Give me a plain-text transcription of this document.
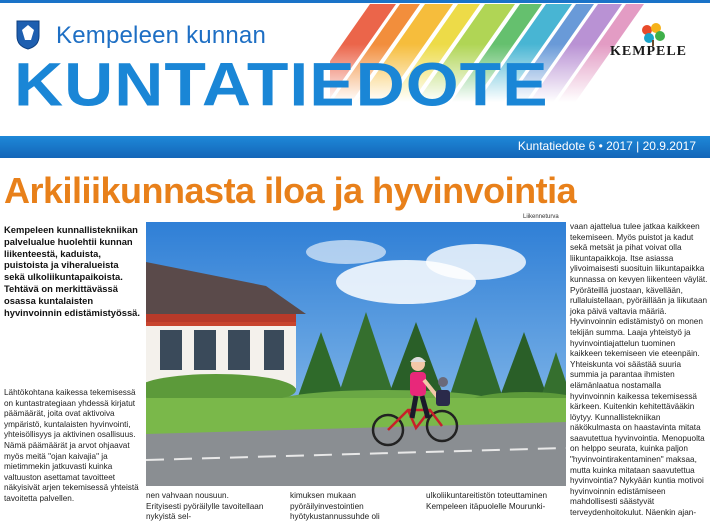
Kempeleen kunnan
KUNTATIEDOTE	KEMPELE
Kuntatiedote 6 • 2017 | 20.9.2017
Arkiliikunnasta iloa ja hyvinvointia
Liikenneturva
Kempeleen kunnallistekniikan palvelualue huolehtii kunnan liikenteestä, kaduista, puistoista ja viheralueista sekä ulkoliikuntapaikoista. Tehtävä on merkittävässä osassa kuntalaisten hyvinvoinnin edistämistyössä.
Lähtökohtana kaikessa tekemisessä on kuntastrategiaan yhdessä kirjatut päämäärät, joita ovat aktivoiva ympäristö, kuntalaisten hyvinvointi, yhteisöllisyys ja aktivinen osallisuus. Nämä päämäärät ja arvot ohjaavat myös meitä "ojan kaivajia" ja mietimmekin jatkuvasti kuinka valtuuston asettamat tavoitteet näkyisivät arjen tekemisessä yhteistä tavoitetta palvellen.	nen vahvaan nousuun. Erityisesti pyöräilylle tavoitellaan nykyistä sel-
kimuksen mukaan pyöräilyinvestointien hyötykustannussuhde oli
ulkoliikuntareitistön toteuttaminen Kempeleen itäpuolelle Mourunki-
vaan ajattelua tulee jatkaa kaikkeen tekemiseen. Myös puistot ja kadut sekä metsät ja pihat voivat olla liikuntapaikkoja. Itse asiassa ylivoimaisesti suosituin liikuntapaikka kunnassa on kevyen liikenteen väylät. Pyöräteillä juostaan, kävellään, rullaluistellaan, pyöräillään ja liikutaan joka päivä valtavia määriä. Hyvinvoinnin edistämistyö on monen tekijän summa. Laaja yhteistyö ja hyvinvointiajattelun tuominen kaikkeen tekemiseen vie eteenpäin. Yhteiskunta voi säästää suuria summia ja parantaa ihmisten elämänlaatua nostamalla hyvinvoinnin kaikessa tekemisessä kärkeen. Kuitenkin kehitettävääkin löytyy. Kunnallistekniikan näkökulmasta on haastavinta mitata saavutettua hyvinvointia. Menopuolta on helppo seurata, kuinka paljon "hyvinvointirakentaminen" maksaa, mutta kuinka mitataan saavutettua hyvinvointia? Nykyään kuntia motivoi hyvinvoinnin edistämiseen mahdollisesti säästyvät terveydenhoitokulut. Näenkin ajan-
